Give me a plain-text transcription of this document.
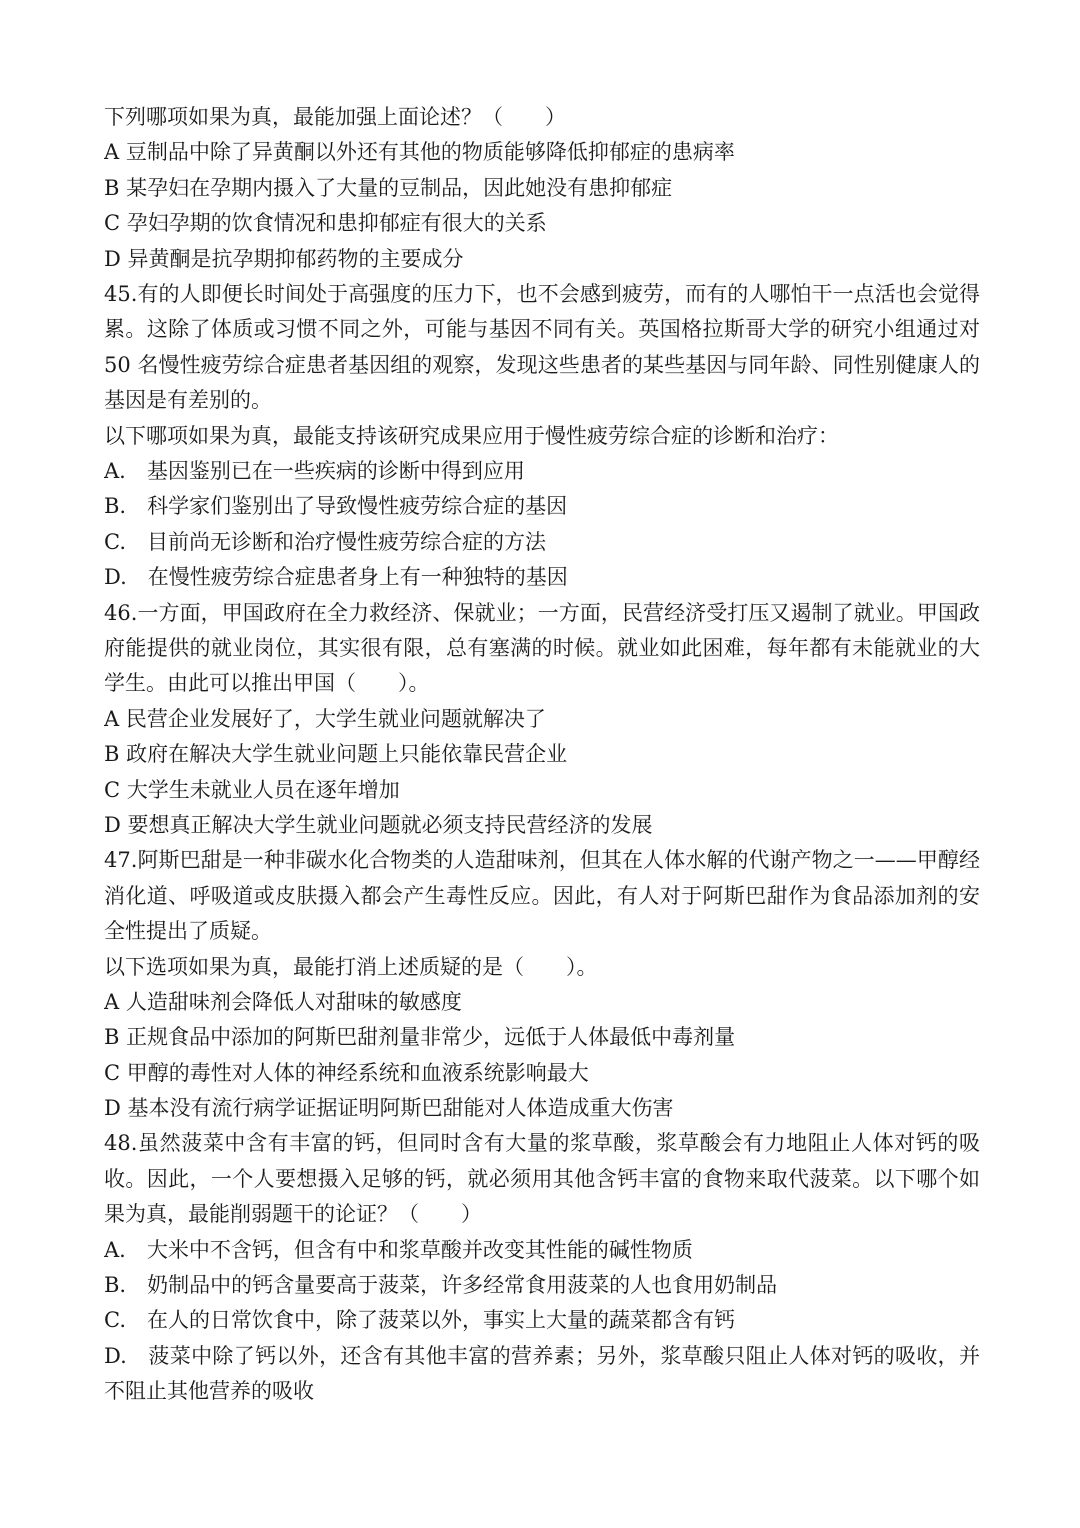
下列哪项如果为真，最能加强上面论述？（　　）
A 豆制品中除了异黄酮以外还有其他的物质能够降低抑郁症的患病率
B 某孕妇在孕期内摄入了大量的豆制品，因此她没有患抑郁症
C 孕妇孕期的饮食情况和患抑郁症有很大的关系
D 异黄酮是抗孕期抑郁药物的主要成分
45.有的人即便长时间处于高强度的压力下，也不会感到疲劳，而有的人哪怕干一点活也会觉得累。这除了体质或习惯不同之外，可能与基因不同有关。英国格拉斯哥大学的研究小组通过对 50 名慢性疲劳综合症患者基因组的观察，发现这些患者的某些基因与同年龄、同性别健康人的基因是有差别的。
以下哪项如果为真，最能支持该研究成果应用于慢性疲劳综合症的诊断和治疗：
A.　基因鉴别已在一些疾病的诊断中得到应用
B.　科学家们鉴别出了导致慢性疲劳综合症的基因
C.　目前尚无诊断和治疗慢性疲劳综合症的方法
D.　在慢性疲劳综合症患者身上有一种独特的基因
46.一方面，甲国政府在全力救经济、保就业；一方面，民营经济受打压又遏制了就业。甲国政府能提供的就业岗位，其实很有限，总有塞满的时候。就业如此困难，每年都有未能就业的大学生。由此可以推出甲国（　　）。
A 民营企业发展好了，大学生就业问题就解决了
B 政府在解决大学生就业问题上只能依靠民营企业
C 大学生未就业人员在逐年增加
D 要想真正解决大学生就业问题就必须支持民营经济的发展
47.阿斯巴甜是一种非碳水化合物类的人造甜味剂，但其在人体水解的代谢产物之一——甲醇经消化道、呼吸道或皮肤摄入都会产生毒性反应。因此，有人对于阿斯巴甜作为食品添加剂的安全性提出了质疑。
以下选项如果为真，最能打消上述质疑的是（　　）。
A 人造甜味剂会降低人对甜味的敏感度
B 正规食品中添加的阿斯巴甜剂量非常少，远低于人体最低中毒剂量
C 甲醇的毒性对人体的神经系统和血液系统影响最大
D 基本没有流行病学证据证明阿斯巴甜能对人体造成重大伤害
48.虽然菠菜中含有丰富的钙，但同时含有大量的浆草酸，浆草酸会有力地阻止人体对钙的吸收。因此，一个人要想摄入足够的钙，就必须用其他含钙丰富的食物来取代菠菜。以下哪个如果为真，最能削弱题干的论证？（　　）
A.　大米中不含钙，但含有中和浆草酸并改变其性能的碱性物质
B.　奶制品中的钙含量要高于菠菜，许多经常食用菠菜的人也食用奶制品
C.　在人的日常饮食中，除了菠菜以外，事实上大量的蔬菜都含有钙
D.　菠菜中除了钙以外，还含有其他丰富的营养素；另外，浆草酸只阻止人体对钙的吸收，并不阻止其他营养的吸收
